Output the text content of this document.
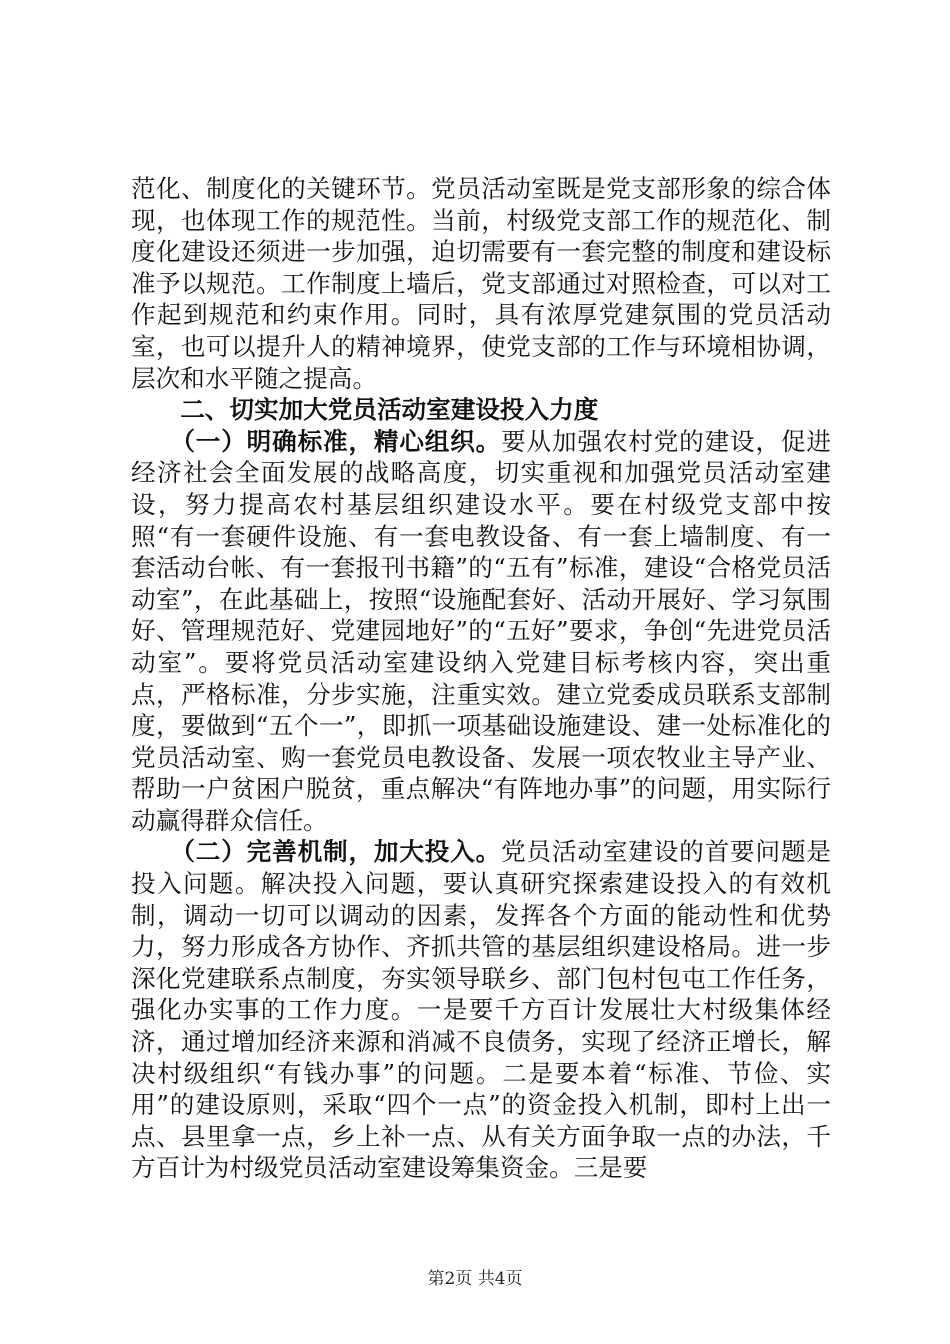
范化、制度化的关键环节。党员活动室既是党支部形象的综合体现，也体现工作的规范性。当前，村级党支部工作的规范化、制度化建设还须进一步加强，迫切需要有一套完整的制度和建设标准予以规范。工作制度上墙后，党支部通过对照检查，可以对工作起到规范和约束作用。同时，具有浓厚党建氛围的党员活动室，也可以提升人的精神境界，使党支部的工作与环境相协调，层次和水平随之提高。

二、切实加大党员活动室建设投入力度

（一）明确标准，精心组织。要从加强农村党的建设，促进经济社会全面发展的战略高度，切实重视和加强党员活动室建设，努力提高农村基层组织建设水平。要在村级党支部中按照“有一套硬件设施、有一套电教设备、有一套上墙制度、有一套活动台帐、有一套报刊书籍”的“五有”标准，建设“合格党员活动室”，在此基础上，按照“设施配套好、活动开展好、学习氛围好、管理规范好、党建园地好”的“五好”要求，争创“先进党员活动室”。要将党员活动室建设纳入党建目标考核内容，突出重点，严格标准，分步实施，注重实效。建立党委成员联系支部制度，要做到“五个一”，即抓一项基础设施建设、建一处标准化的党员活动室、购一套党员电教设备、发展一项农牧业主导产业、帮助一户贫困户脱贫，重点解决“有阵地办事”的问题，用实际行动赢得群众信任。

（二）完善机制，加大投入。党员活动室建设的首要问题是投入问题。解决投入问题，要认真研究探索建设投入的有效机制，调动一切可以调动的因素，发挥各个方面的能动性和优势力，努力形成各方协作、齐抓共管的基层组织建设格局。进一步深化党建联系点制度，夯实领导联乡、部门包村包屯工作任务，强化办实事的工作力度。一是要千方百计发展壮大村级集体经济，通过增加经济来源和消减不良债务，实现了经济正增长，解决村级组织“有钱办事”的问题。二是要本着“标准、节俭、实用”的建设原则，采取“四个一点”的资金投入机制，即村上出一点、县里拿一点，乡上补一点、从有关方面争取一点的办法，千方百计为村级党员活动室建设筹集资金。三是要

第2页 共4页
